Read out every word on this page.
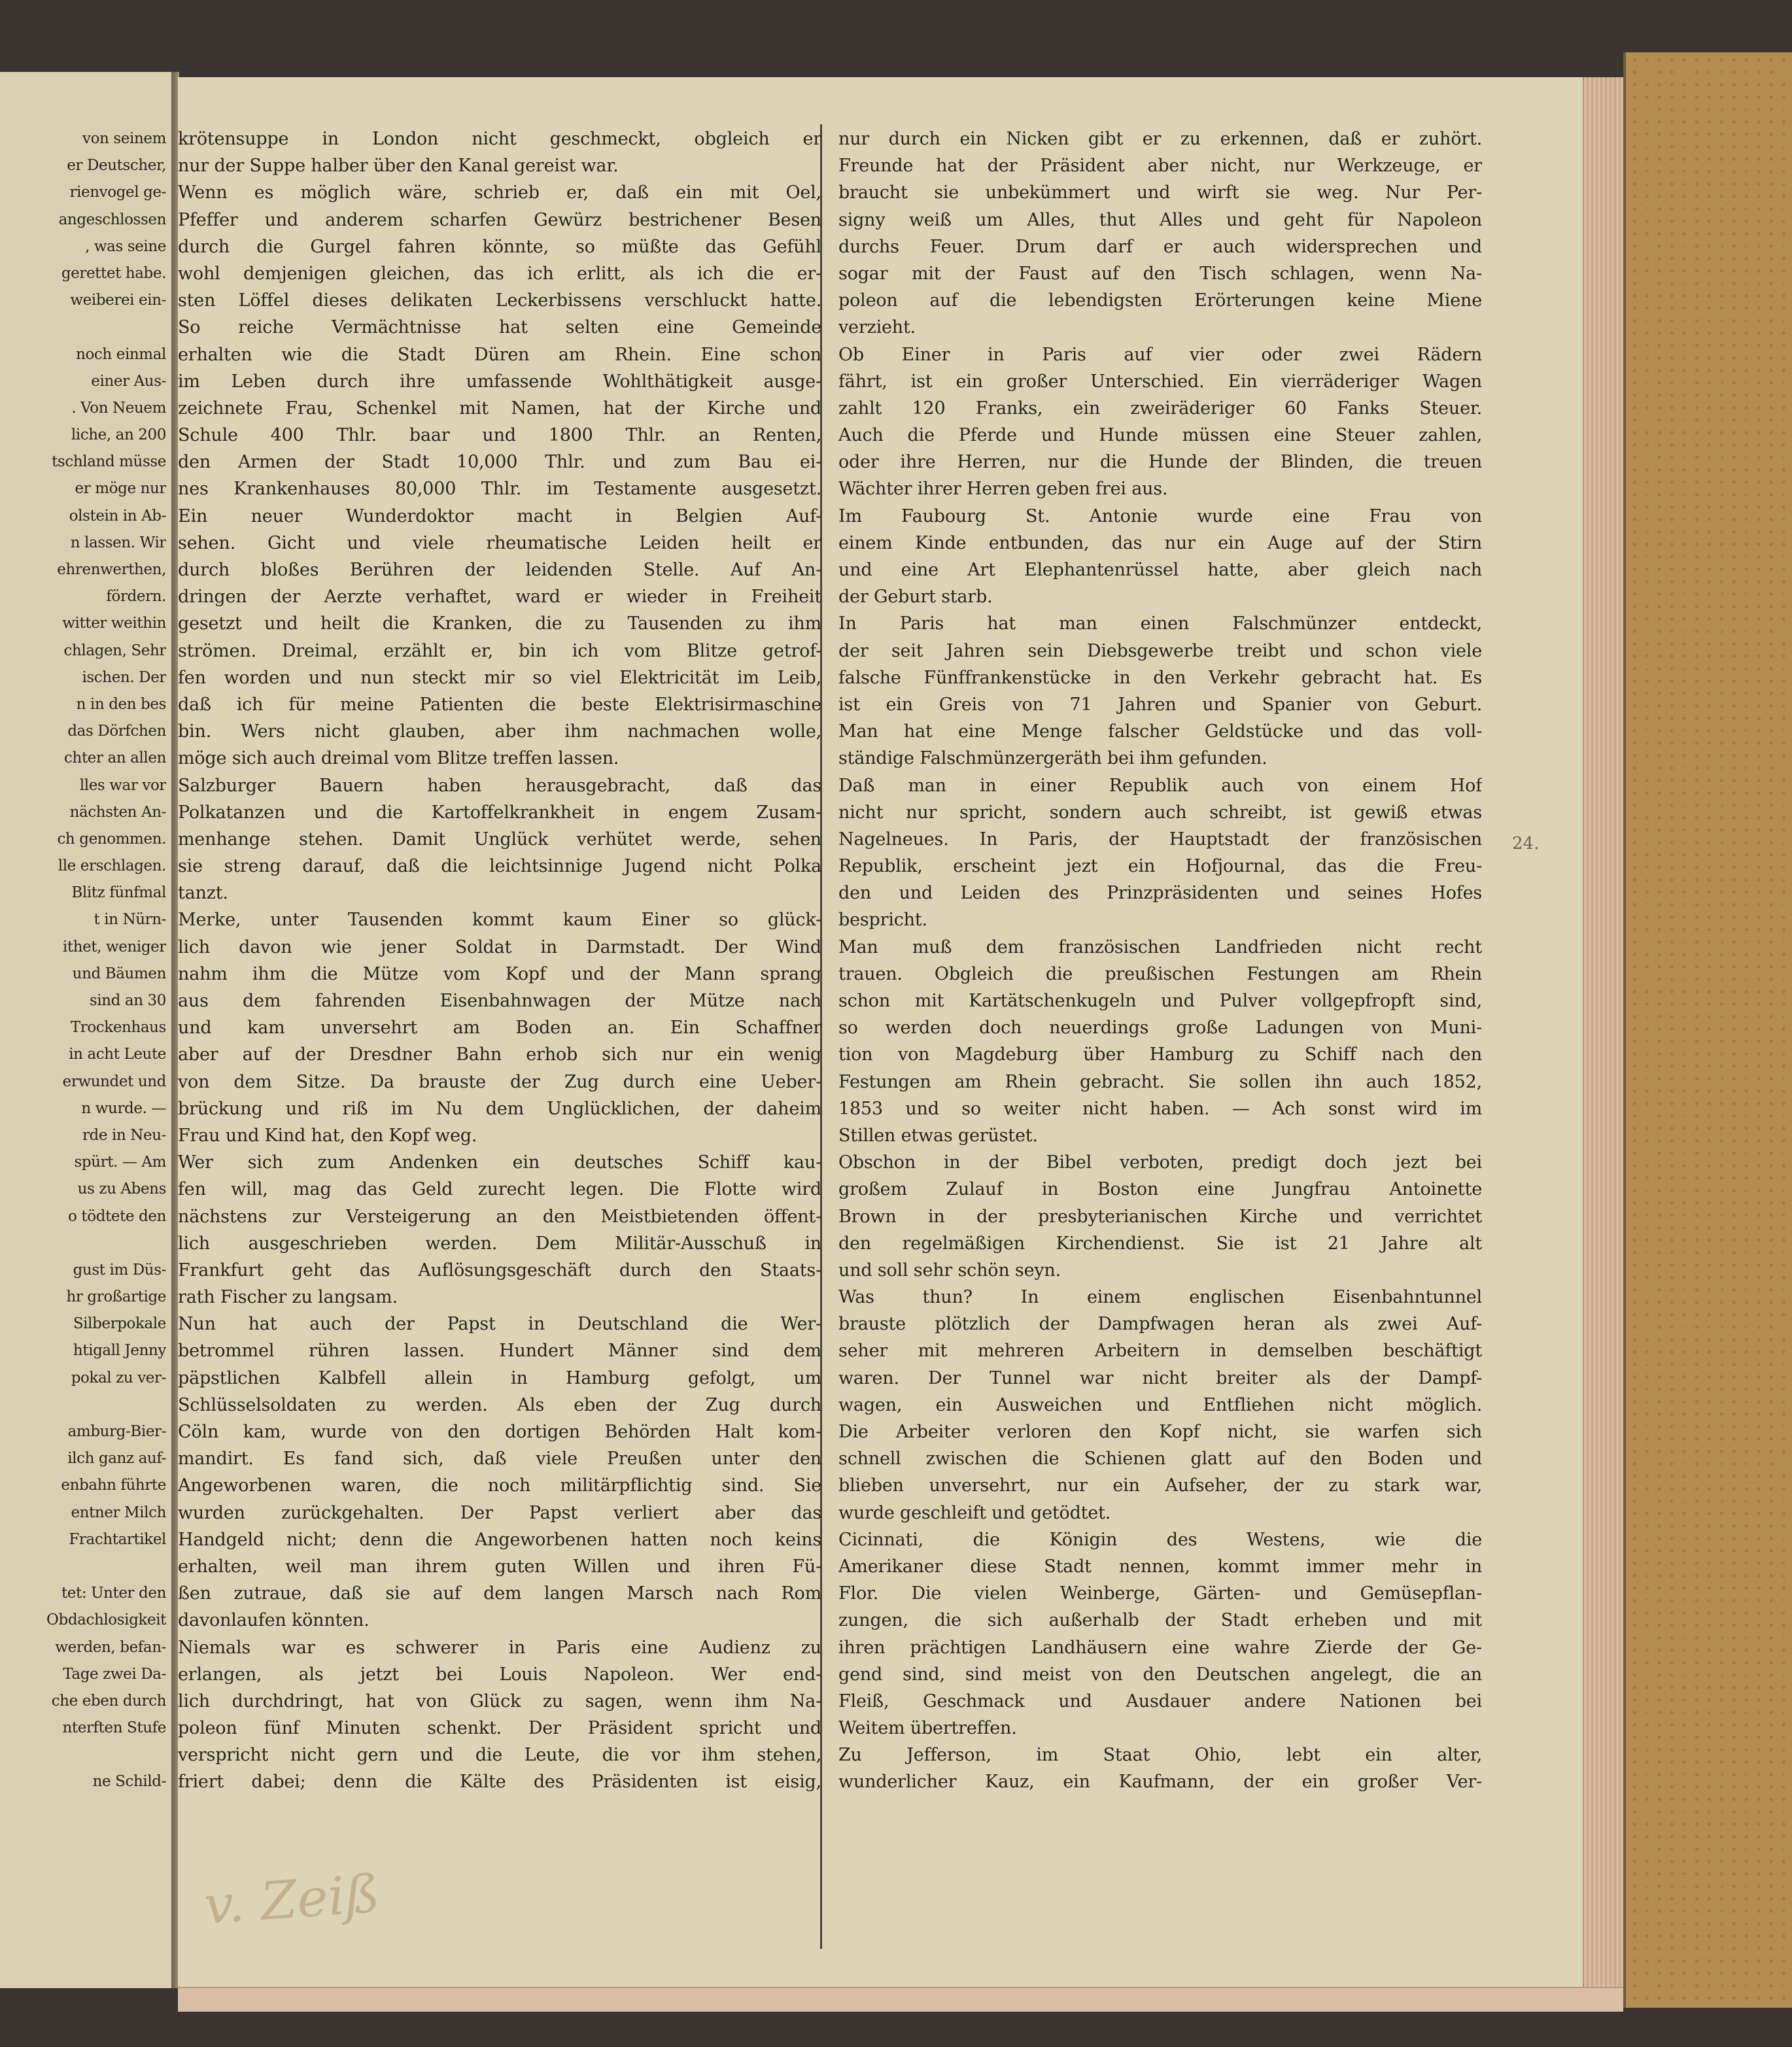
von seinem
er Deutscher,
rienvogel ge-
angeschlossen
, was seine
gerettet habe.
weiberei ein-
noch einmal
einer Aus-
. Von Neuem
liche, an 200
tschland müsse
er möge nur
olstein in Ab-
n lassen. Wir
ehrenwerthen,
fördern.
witter weithin
chlagen, Sehr
ischen. Der
n in den bes
das Dörfchen
chter an allen
lles war vor
nächsten An-
ch genommen.
lle erschlagen.
Blitz fünfmal
t in Nürn-
ithet, weniger
und Bäumen
sind an 30
Trockenhaus
in acht Leute
erwundet und
n wurde. —
rde in Neu-
spürt. — Am
us zu Abens
o tödtete den
gust im Düs-
hr großartige
Silberpokale
htigall Jenny
pokal zu ver-
amburg-Bier-
ilch ganz auf-
enbahn führte
entner Milch
Frachtartikel
tet: Unter den
Obdachlosigkeit
werden, befan-
Tage zwei Da-
che eben durch
nterften Stufe
ne Schild-
krötensuppe in London nicht geschmeckt, obgleich er
nur der Suppe halber über den Kanal gereist war.
Wenn es möglich wäre, schrieb er, daß ein mit Oel,
Pfeffer und anderem scharfen Gewürz bestrichener Besen
durch die Gurgel fahren könnte, so müßte das Gefühl
wohl demjenigen gleichen, das ich erlitt, als ich die er-
sten Löffel dieses delikaten Leckerbissens verschluckt hatte.
So reiche Vermächtnisse hat selten eine Gemeinde
erhalten wie die Stadt Düren am Rhein. Eine schon
im Leben durch ihre umfassende Wohlthätigkeit ausge-
zeichnete Frau, Schenkel mit Namen, hat der Kirche und
Schule 400 Thlr. baar und 1800 Thlr. an Renten,
den Armen der Stadt 10,000 Thlr. und zum Bau ei-
nes Krankenhauses 80,000 Thlr. im Testamente ausgesetzt.
Ein neuer Wunderdoktor macht in Belgien Auf-
sehen. Gicht und viele rheumatische Leiden heilt er
durch bloßes Berühren der leidenden Stelle. Auf An-
dringen der Aerzte verhaftet, ward er wieder in Freiheit
gesetzt und heilt die Kranken, die zu Tausenden zu ihm
strömen. Dreimal, erzählt er, bin ich vom Blitze getrof-
fen worden und nun steckt mir so viel Elektricität im Leib,
daß ich für meine Patienten die beste Elektrisirmaschine
bin. Wers nicht glauben, aber ihm nachmachen wolle,
möge sich auch dreimal vom Blitze treffen lassen.
Salzburger Bauern haben herausgebracht, daß das
Polkatanzen und die Kartoffelkrankheit in engem Zusam-
menhange stehen. Damit Unglück verhütet werde, sehen
sie streng darauf, daß die leichtsinnige Jugend nicht Polka
tanzt.
Merke, unter Tausenden kommt kaum Einer so glück-
lich davon wie jener Soldat in Darmstadt. Der Wind
nahm ihm die Mütze vom Kopf und der Mann sprang
aus dem fahrenden Eisenbahnwagen der Mütze nach
und kam unversehrt am Boden an. Ein Schaffner
aber auf der Dresdner Bahn erhob sich nur ein wenig
von dem Sitze. Da brauste der Zug durch eine Ueber-
brückung und riß im Nu dem Unglücklichen, der daheim
Frau und Kind hat, den Kopf weg.
Wer sich zum Andenken ein deutsches Schiff kau-
fen will, mag das Geld zurecht legen. Die Flotte wird
nächstens zur Versteigerung an den Meistbietenden öffent-
lich ausgeschrieben werden. Dem Militär-Ausschuß in
Frankfurt geht das Auflösungsgeschäft durch den Staats-
rath Fischer zu langsam.
Nun hat auch der Papst in Deutschland die Wer-
betrommel rühren lassen. Hundert Männer sind dem
päpstlichen Kalbfell allein in Hamburg gefolgt, um
Schlüsselsoldaten zu werden. Als eben der Zug durch
Cöln kam, wurde von den dortigen Behörden Halt kom-
mandirt. Es fand sich, daß viele Preußen unter den
Angeworbenen waren, die noch militärpflichtig sind. Sie
wurden zurückgehalten. Der Papst verliert aber das
Handgeld nicht; denn die Angeworbenen hatten noch keins
erhalten, weil man ihrem guten Willen und ihren Fü-
ßen zutraue, daß sie auf dem langen Marsch nach Rom
davonlaufen könnten.
Niemals war es schwerer in Paris eine Audienz zu
erlangen, als jetzt bei Louis Napoleon. Wer end-
lich durchdringt, hat von Glück zu sagen, wenn ihm Na-
poleon fünf Minuten schenkt. Der Präsident spricht und
verspricht nicht gern und die Leute, die vor ihm stehen,
friert dabei; denn die Kälte des Präsidenten ist eisig,
nur durch ein Nicken gibt er zu erkennen, daß er zuhört.
Freunde hat der Präsident aber nicht, nur Werkzeuge, er
braucht sie unbekümmert und wirft sie weg. Nur Per-
signy weiß um Alles, thut Alles und geht für Napoleon
durchs Feuer. Drum darf er auch widersprechen und
sogar mit der Faust auf den Tisch schlagen, wenn Na-
poleon auf die lebendigsten Erörterungen keine Miene
verzieht.
Ob Einer in Paris auf vier oder zwei Rädern
fährt, ist ein großer Unterschied. Ein vierräderiger Wagen
zahlt 120 Franks, ein zweiräderiger 60 Fanks Steuer.
Auch die Pferde und Hunde müssen eine Steuer zahlen,
oder ihre Herren, nur die Hunde der Blinden, die treuen
Wächter ihrer Herren geben frei aus.
Im Faubourg St. Antonie wurde eine Frau von
einem Kinde entbunden, das nur ein Auge auf der Stirn
und eine Art Elephantenrüssel hatte, aber gleich nach
der Geburt starb.
In Paris hat man einen Falschmünzer entdeckt,
der seit Jahren sein Diebsgewerbe treibt und schon viele
falsche Fünffrankenstücke in den Verkehr gebracht hat. Es
ist ein Greis von 71 Jahren und Spanier von Geburt.
Man hat eine Menge falscher Geldstücke und das voll-
ständige Falschmünzergeräth bei ihm gefunden.
Daß man in einer Republik auch von einem Hof
nicht nur spricht, sondern auch schreibt, ist gewiß etwas
Nagelneues. In Paris, der Hauptstadt der französischen
Republik, erscheint jezt ein Hofjournal, das die Freu-
den und Leiden des Prinzpräsidenten und seines Hofes
bespricht.
Man muß dem französischen Landfrieden nicht recht
trauen. Obgleich die preußischen Festungen am Rhein
schon mit Kartätschenkugeln und Pulver vollgepfropft sind,
so werden doch neuerdings große Ladungen von Muni-
tion von Magdeburg über Hamburg zu Schiff nach den
Festungen am Rhein gebracht. Sie sollen ihn auch 1852,
1853 und so weiter nicht haben. — Ach sonst wird im
Stillen etwas gerüstet.
Obschon in der Bibel verboten, predigt doch jezt bei
großem Zulauf in Boston eine Jungfrau Antoinette
Brown in der presbyterianischen Kirche und verrichtet
den regelmäßigen Kirchendienst. Sie ist 21 Jahre alt
und soll sehr schön seyn.
Was thun? In einem englischen Eisenbahntunnel
brauste plötzlich der Dampfwagen heran als zwei Auf-
seher mit mehreren Arbeitern in demselben beschäftigt
waren. Der Tunnel war nicht breiter als der Dampf-
wagen, ein Ausweichen und Entfliehen nicht möglich.
Die Arbeiter verloren den Kopf nicht, sie warfen sich
schnell zwischen die Schienen glatt auf den Boden und
blieben unversehrt, nur ein Aufseher, der zu stark war,
wurde geschleift und getödtet.
Cicinnati, die Königin des Westens, wie die
Amerikaner diese Stadt nennen, kommt immer mehr in
Flor. Die vielen Weinberge, Gärten- und Gemüsepflan-
zungen, die sich außerhalb der Stadt erheben und mit
ihren prächtigen Landhäusern eine wahre Zierde der Ge-
gend sind, sind meist von den Deutschen angelegt, die an
Fleiß, Geschmack und Ausdauer andere Nationen bei
Weitem übertreffen.
Zu Jefferson, im Staat Ohio, lebt ein alter,
wunderlicher Kauz, ein Kaufmann, der ein großer Ver-
v. Zeiß
24.
